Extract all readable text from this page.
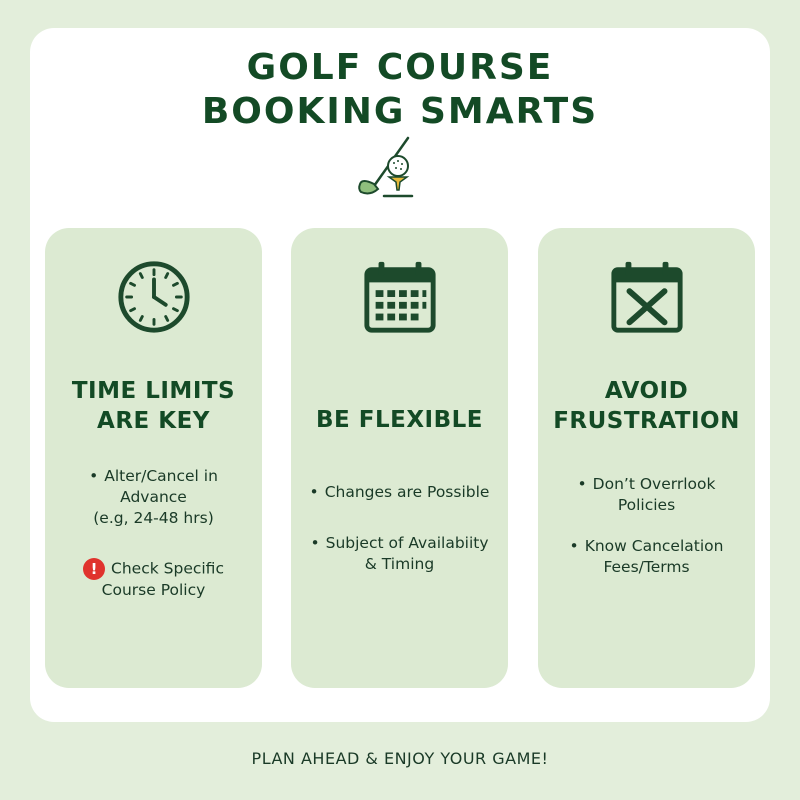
GOLF COURSE
BOOKING SMARTS
TIME LIMITS
ARE KEY
• Alter/Cancel in
Advance
(e.g, 24-48 hrs)
! Check Specific
Course Policy
BE FLEXIBLE
• Changes are Possible
• Subject of Availabiity
& Timing
AVOID
FRUSTRATION
• Don’t Overrlook
Policies
• Know Cancelation
Fees/Terms
PLAN AHEAD & ENJOY YOUR GAME!
